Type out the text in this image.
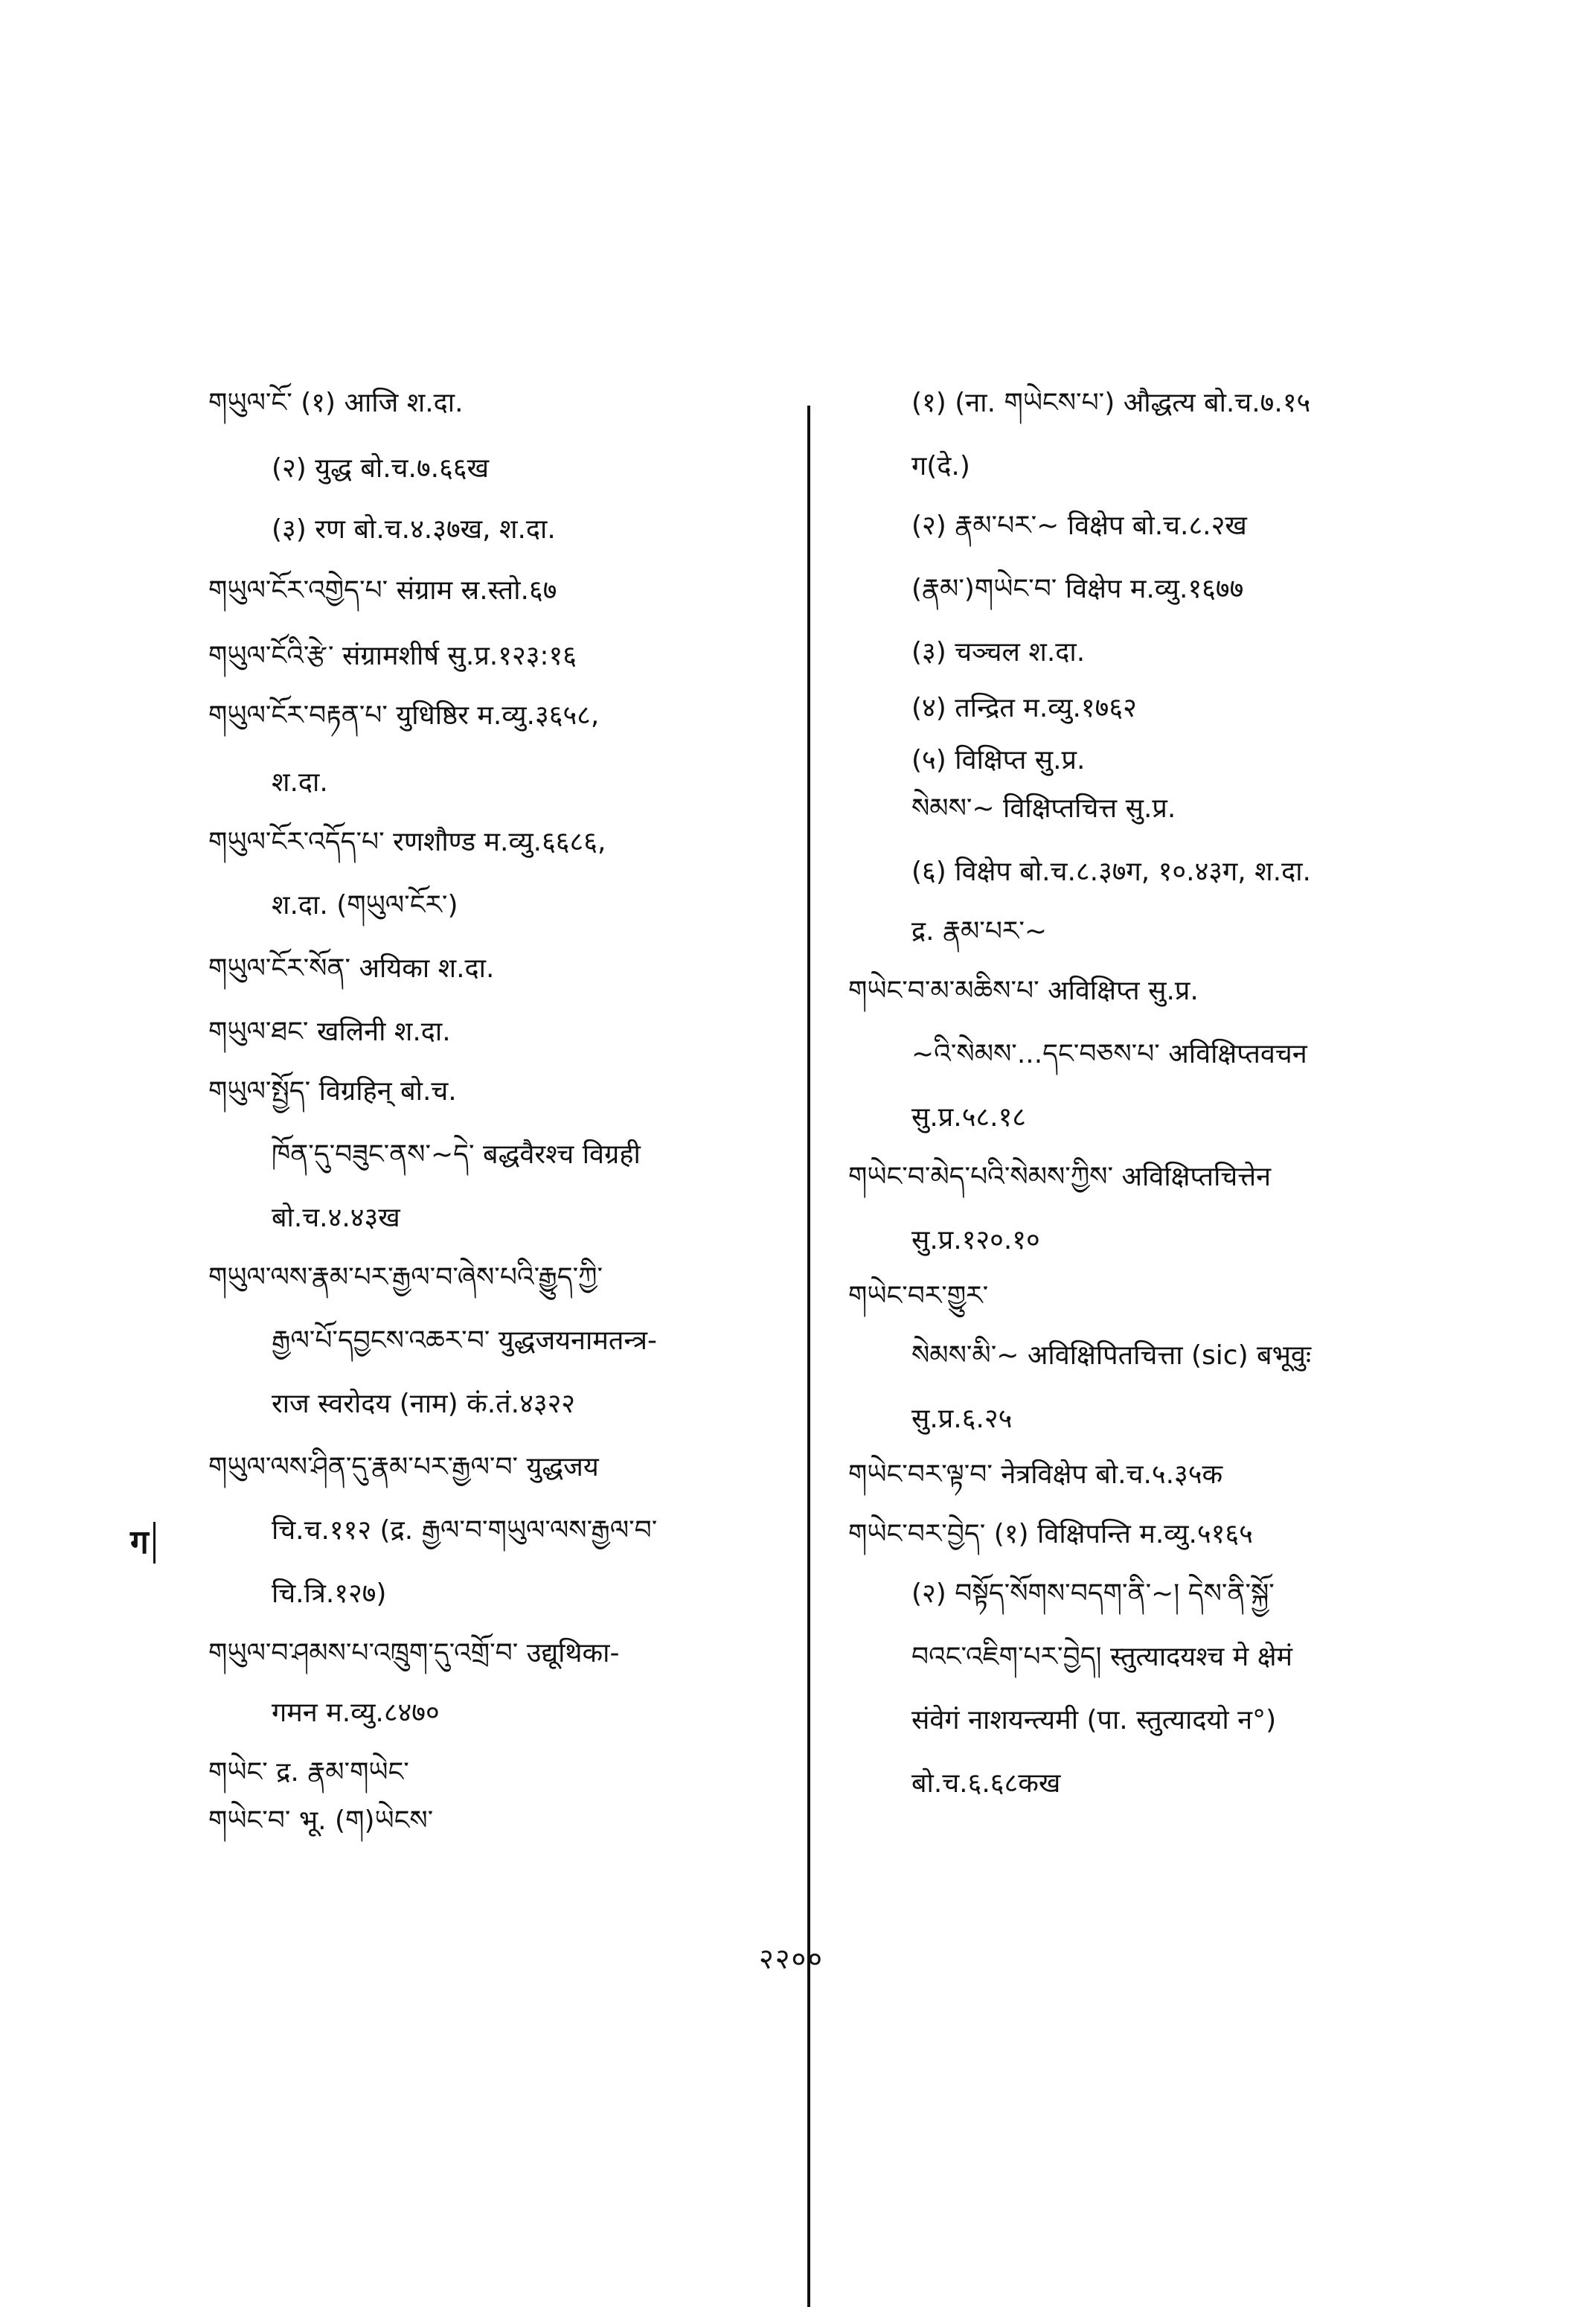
གཡུལ་ངོ་ (१) आजि श.दा.
(२) युद्ध बो.च.७.६६ख
(३) रण बो.च.४.३७ख, श.दा.
གཡུལ་ངོར་འགྱེད་པ་ संग्राम स्र.स्तो.६७
གཡུལ་ངོའི་རྩེ་ संग्रामशीर्ष सु.प्र.१२३:१६
གཡུལ་ངོར་བརྟན་པ་ युधिष्ठिर म.व्यु.३६५८,
श.दा.
གཡུལ་ངོར་འདོད་པ་ रणशौण्ड म.व्यु.६६८६,
श.दा. (གཡུལ་ངོར་)
གཡུལ་ངོར་སོན་ अयिका श.दा.
གཡུལ་ཐང་ खलिनी श.दा.
གཡུལ་སྤྱོད་ विग्रहिन् बो.च.
ཁོན་དུ་བཟུང་ནས་~དེ་ बद्धवैरश्च विग्रही
बो.च.४.४३ख
གཡུལ་ལས་རྣམ་པར་རྒྱལ་བ་ཞེས་པའི་རྒྱུད་ཀྱི་
རྒྱལ་པོ་དབྱངས་འཆར་བ་ युद्धजयनामतन्त्र-
राज स्वरोदय (नाम) कं.तं.४३२२
གཡུལ་ལས་ཤིན་དུ་རྣམ་པར་རྒྱལ་བ་ युद्धजय
चि.च.११२ (द्र. རྒྱལ་བ་གཡུལ་ལས་རྒྱལ་བ་
चि.त्रि.१२७)
གཡུལ་བ་ཤམས་པ་འཁྲུག་དུ་འགྲོ་བ་ उद्यूथिका-
गमन म.व्यु.८४७०
གཡེང་ द्र. རྣམ་གཡེང་
གཡེང་བ་ भू. (ག)ཡེངས་
(१) (ना. གཡེངས་པ་) औद्धत्य बो.च.७.१५
ग(दे.)
(२) རྣམ་པར་~ विक्षेप बो.च.८.२ख
(རྣམ་)གཡེང་བ་ विक्षेप म.व्यु.१६७७
(३) चञ्चल श.दा.
(४) तन्द्रित म.व्यु.१७६२
(५) विक्षिप्त सु.प्र.
སེམས་~ विक्षिप्तचित्त सु.प्र.
(६) विक्षेप बो.च.८.३७ग, १०.४३ग, श.दा.
द्र. རྣམ་པར་~
གཡེང་བ་མ་མཆིས་པ་ अविक्षिप्त सु.प्र.
~འི་སེམས་...དང་བཅས་པ་ अविक्षिप्तवचन
सु.प्र.५८.१८
གཡེང་བ་མེད་པའི་སེམས་ཀྱིས་ अविक्षिप्तचित्तेन
सु.प्र.१२०.१०
གཡེང་བར་གྱུར་
སེམས་མི་~ अविक्षिपितचित्ता (sic) बभूवुः
सु.प्र.६.२५
གཡེང་བར་ལྟ་བ་ नेत्रविक्षेप बो.च.५.३५क
གཡེང་བར་བྱེད་ (१) विक्षिपन्ति म.व्यु.५१६५
(२) བསྟོད་སོགས་བདག་ནི་~། དེས་ནི་སྐྱོ་
བའང་འཇིག་པར་བྱེད། स्तुत्यादयश्च मे क्षेमं
संवेगं नाशयन्त्यमी (पा. स्तुत्यादयो न°)
बो.च.६.६८कख
ग
२२००
